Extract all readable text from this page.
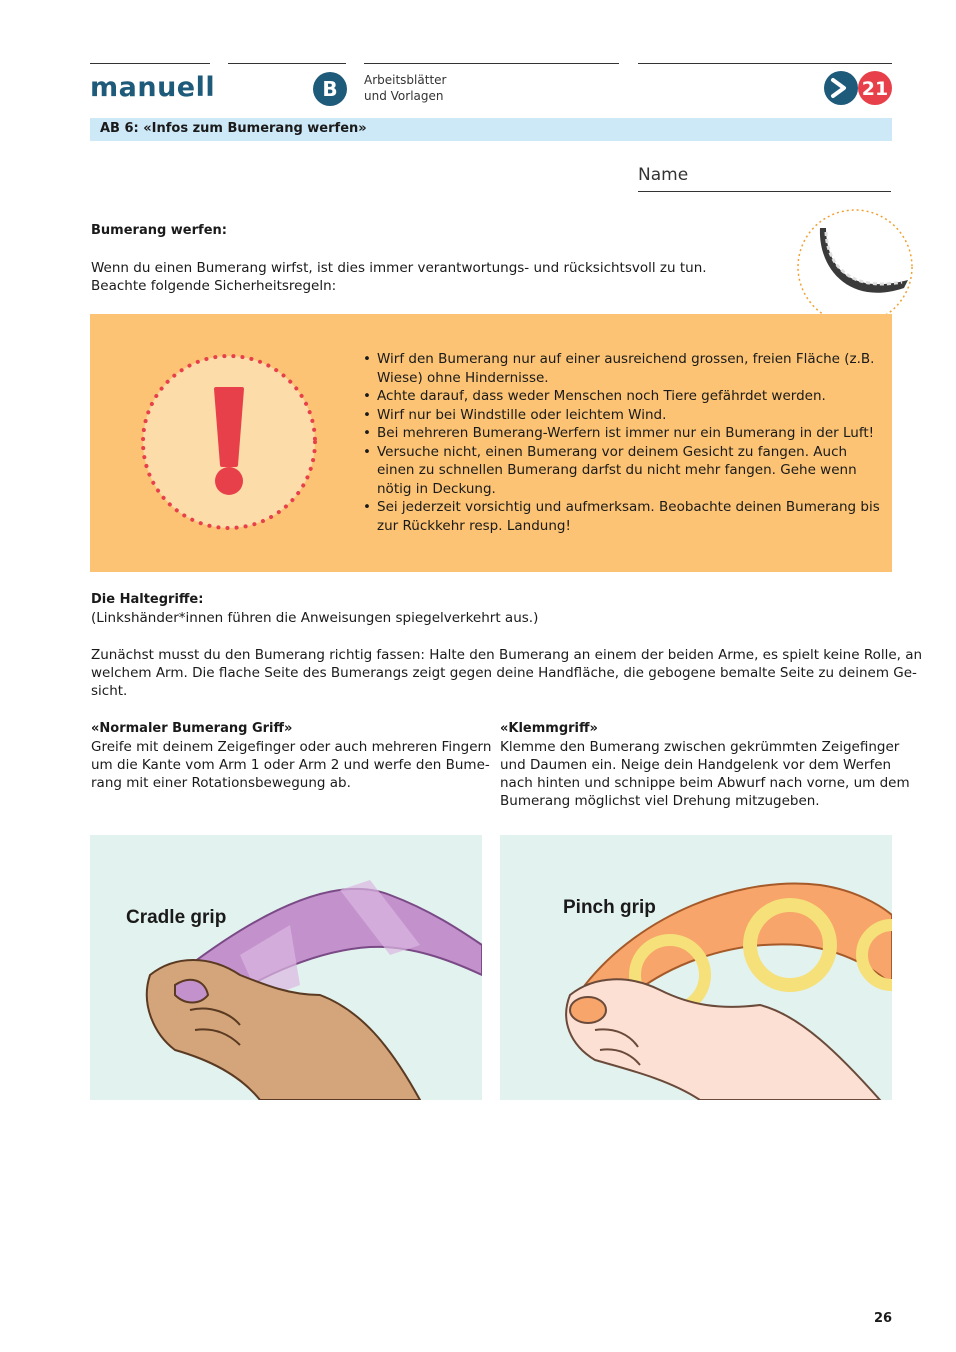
manuell	B	Arbeitsblätter
und Vorlagen	21
AB 6: «Infos zum Bumerang werfen»
Name
Bumerang werfen:
Wenn du einen Bumerang wirfst, ist dies immer verantwortungs- und rücksichtsvoll zu tun.
Beachte folgende Sicherheitsregeln:
• Wirf den Bumerang nur auf einer ausreichend grossen, freien Fläche (z.B. Wiese) ohne Hindernisse.
• Achte darauf, dass weder Menschen noch Tiere gefährdet werden.
• Wirf nur bei Windstille oder leichtem Wind.
• Bei mehreren Bumerang-Werfern ist immer nur ein Bumerang in der Luft!
• Versuche nicht, einen Bumerang vor deinem Gesicht zu fangen. Auch einen zu schnellen Bumerang darfst du nicht mehr fangen. Gehe wenn nötig in Deckung.
• Sei jederzeit vorsichtig und aufmerksam. Beobachte deinen Bumerang bis zur Rückkehr resp. Landung!
Die Haltegriffe:
(Linkshänder*innen führen die Anweisungen spiegelverkehrt aus.)
Zunächst musst du den Bumerang richtig fassen: Halte den Bumerang an einem der beiden Arme, es spielt keine Rolle, an
welchem Arm. Die flache Seite des Bumerangs zeigt gegen deine Handfläche, die gebogene bemalte Seite zu deinem Ge-
sicht.
«Normaler Bumerang Griff»
Greife mit deinem Zeigefinger oder auch mehreren Fingern
um die Kante vom Arm 1 oder Arm 2 und werfe den Bume-
rang mit einer Rotationsbewegung ab.
«Klemmgriff»
Klemme den Bumerang zwischen gekrümmten Zeigefinger
und Daumen ein. Neige dein Handgelenk vor dem Werfen
nach hinten und schnippe beim Abwurf nach vorne, um dem
Bumerang möglichst viel Drehung mitzugeben.
Cradle grip	Pinch grip
26
